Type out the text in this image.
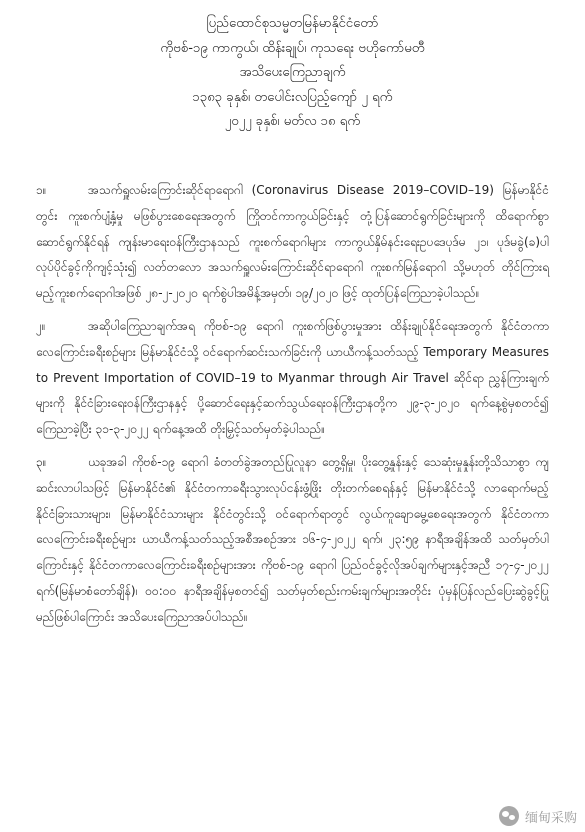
ပြည်ထောင်စုသမ္မတမြန်မာနိုင်ငံတော်
ကိုဗစ်-၁၉ ကာကွယ်၊ ထိန်းချုပ်၊ ကုသရေး ဗဟိုကော်မတီ
အသိပေးကြေညာချက်
၁၃၈၃ ခုနှစ်၊ တပေါင်းလပြည့်ကျော် ၂ ရက်
၂၀၂၂ ခုနှစ်၊ မတ်လ ၁၈ ရက်

၁။	အသက်ရှူလမ်းကြောင်းဆိုင်ရာရောဂါ (Coronavirus Disease 2019–COVID–19) မြန်မာနိုင်ငံတွင်း ကူးစက်ပျံ့နှံ့မှု မဖြစ်ပွားစေရေးအတွက် ကြိုတင်ကာကွယ်ခြင်းနှင့် တုံ့ပြန်ဆောင်ရွက်ခြင်းများကို ထိရောက်စွာဆောင်ရွက်နိုင်ရန် ကျန်းမာရေးဝန်ကြီးဌာနသည် ကူးစက်ရောဂါများ ကာကွယ်နှိမ်နင်းရေးဥပဒေပုဒ်မ ၂၁၊ ပုဒ်မခွဲ(ခ)ပါ လုပ်ပိုင်ခွင့်ကိုကျင့်သုံး၍ လတ်တလော အသက်ရှူလမ်းကြောင်းဆိုင်ရာရောဂါ ကူးစက်မြန်ရောဂါ သို့မဟုတ် တိုင်ကြားရမည့်ကူးစက်ရောဂါအဖြစ် ၂၈-၂-၂၀၂၀ ရက်စွဲပါအမိန့်အမှတ်၊ ၁၉/၂၀၂၀ ဖြင့် ထုတ်ပြန်ကြေညာခဲ့ပါသည်။

၂။	အဆိုပါကြေညာချက်အရ ကိုဗစ်-၁၉ ရောဂါ ကူးစက်ဖြစ်ပွားမှုအား ထိန်းချုပ်နိုင်ရေးအတွက် နိုင်ငံတကာလေကြောင်းခရီးစဉ်များ မြန်မာနိုင်ငံသို့ ဝင်ရောက်ဆင်းသက်ခြင်းကို ယာယီကန့်သတ်သည့် Temporary Measures to Prevent Importation of COVID–19 to Myanmar through Air Travel ဆိုင်ရာ ညွှန်ကြားချက်များကို နိုင်ငံခြားရေးဝန်ကြီးဌာနနှင့် ပို့ဆောင်ရေးနှင့်ဆက်သွယ်ရေးဝန်ကြီးဌာနတို့က ၂၉-၃-၂၀၂၀ ရက်နေ့စွဲမှစတင်၍ ကြေညာခဲ့ပြီး ၃၁-၃-၂၀၂၂ ရက်နေ့အထိ တိုးမြှင့်သတ်မှတ်ခဲ့ပါသည်။

၃။	ယခုအခါ ကိုဗစ်-၁၉ ရောဂါ ခံတတ်ခွဲအတည်ပြုလူနာ တွေ့ရှိမှု၊ ပိုးတွေ့နှုန်းနှင့် သေဆုံးမှုနှုန်းတို့သိသာစွာ ကျဆင်းလာပါသဖြင့် မြန်မာနိုင်ငံ၏ နိုင်ငံတကာခရီးသွားလုပ်ငန်းဖွံ့ဖြိုး တိုးတက်စေရန်နှင့် မြန်မာနိုင်ငံသို့ လာရောက်မည့် နိုင်ငံခြားသားများ၊ မြန်မာနိုင်ငံသားများ နိုင်ငံတွင်းသို့ ဝင်ရောက်ရာတွင် လွယ်ကူချောမွေ့စေရေးအတွက် နိုင်ငံတကာလေကြောင်းခရီးစဉ်များ ယာယီကန့်သတ်သည့်အစီအစဉ်အား ၁၆-၄-၂၀၂၂ ရက်၊ ၂၃:၅၉ နာရီအချိန်အထိ သတ်မှတ်ပါကြောင်းနှင့် နိုင်ငံတကာလေကြောင်းခရီးစဉ်များအား ကိုဗစ်-၁၉ ရောဂါ ပြည်ဝင်ခွင့်လိုအပ်ချက်များနှင့်အညီ ၁၇-၄-၂၀၂၂ ရက်(မြန်မာစံတော်ချိန်)၊ ၀၀:၀၀ နာရီအချိန်မှစတင်၍ သတ်မှတ်စည်းကမ်းချက်များအတိုင်း ပုံမှန်ပြန်လည်ပြေးဆွဲခွင့်ပြုမည်ဖြစ်ပါကြောင်း အသိပေးကြေညာအပ်ပါသည်။

缅甸采购
